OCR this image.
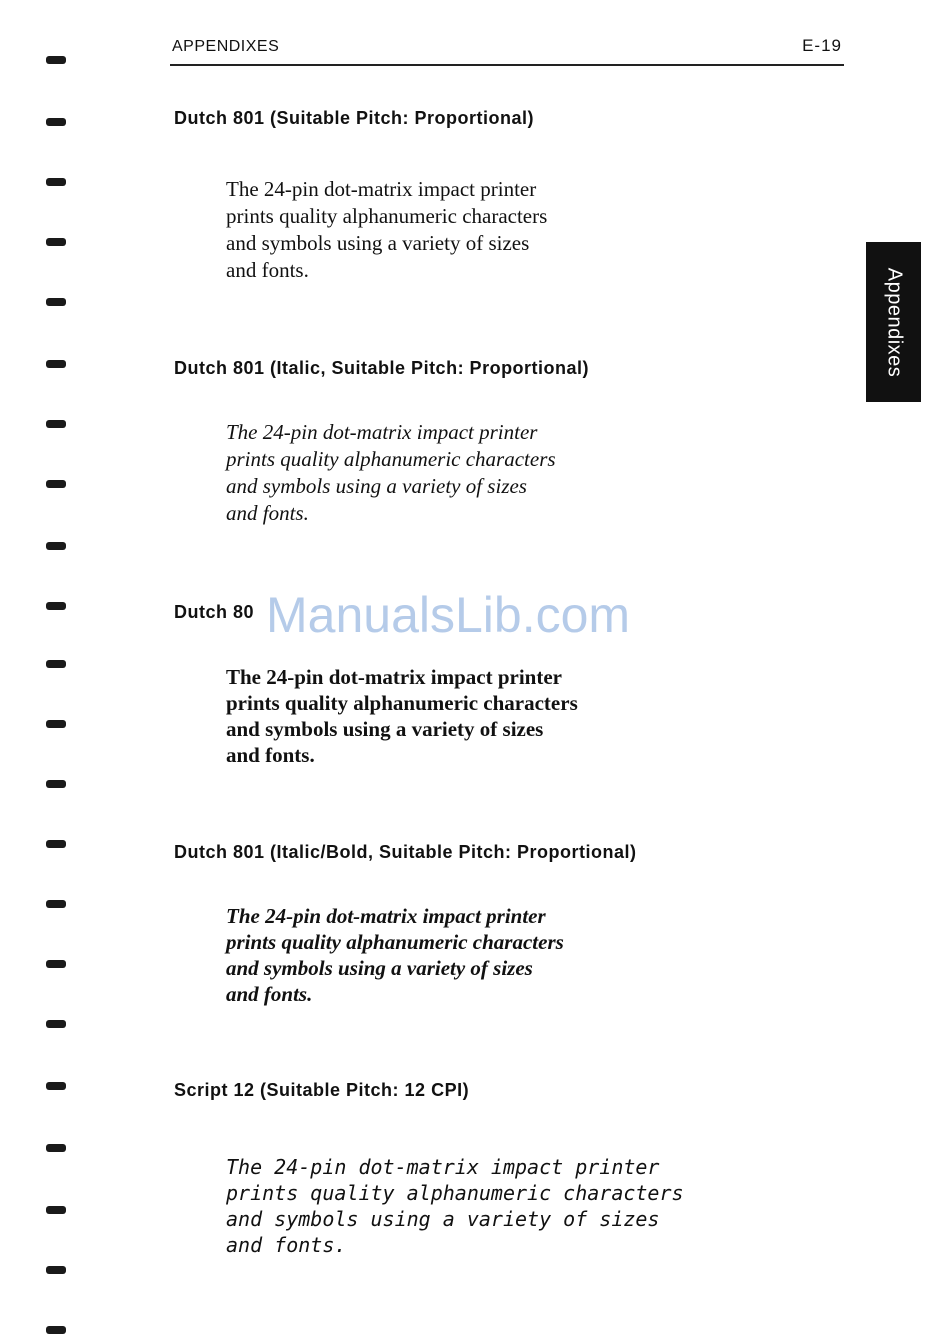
APPENDIXES	E-19
Appendixes
Dutch 801 (Suitable Pitch: Proportional)
The 24-pin dot-matrix impact printer
prints quality alphanumeric characters
and symbols using a variety of sizes
and fonts.
Dutch 801 (Italic, Suitable Pitch: Proportional)
The 24-pin dot-matrix impact printer
prints quality alphanumeric characters
and symbols using a variety of sizes
and fonts.
Dutch 80
The 24-pin dot-matrix impact printer
prints quality alphanumeric characters
and symbols using a variety of sizes
and fonts.
Dutch 801 (Italic/Bold, Suitable Pitch: Proportional)
The 24-pin dot-matrix impact printer
prints quality alphanumeric characters
and symbols using a variety of sizes
and fonts.
Script 12 (Suitable Pitch: 12 CPI)
The 24-pin dot-matrix impact printer
prints quality alphanumeric characters
and symbols using a variety of sizes
and fonts.
ManualsLib.com
